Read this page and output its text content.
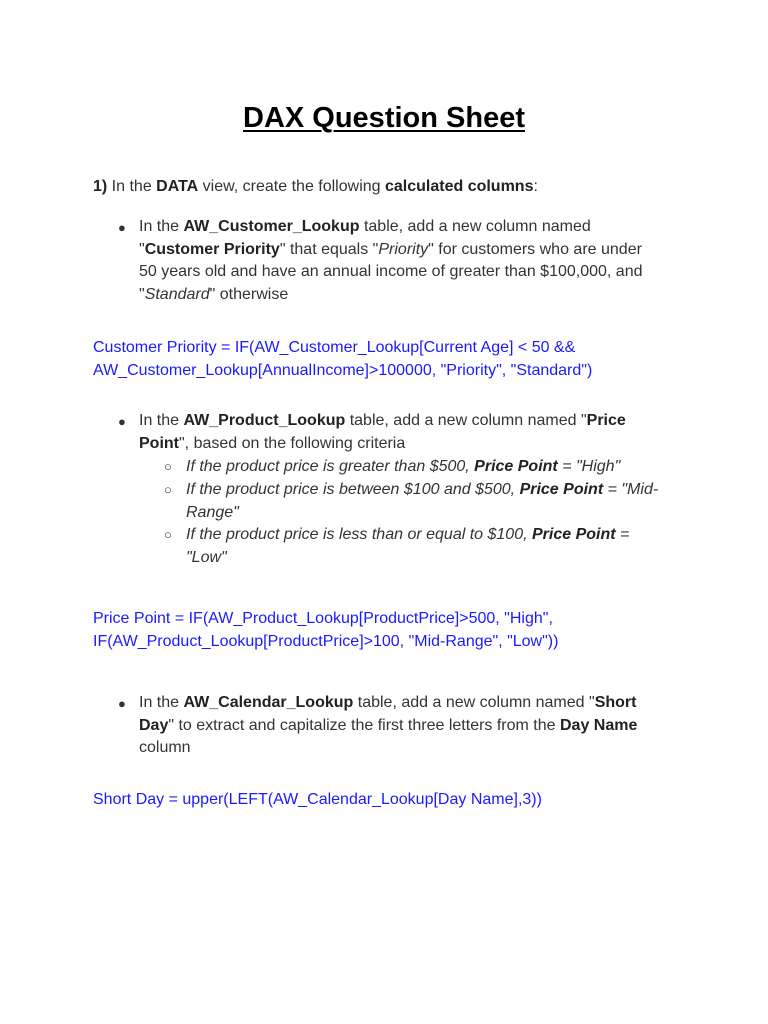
DAX Question Sheet

1) In the DATA view, create the following calculated columns:

● In the AW_Customer_Lookup table, add a new column named "Customer Priority" that equals "Priority" for customers who are under 50 years old and have an annual income of greater than $100,000, and "Standard" otherwise
Customer Priority = IF(AW_Customer_Lookup[Current Age] < 50 &&
AW_Customer_Lookup[AnnualIncome]>100000, "Priority", "Standard")
● In the AW_Product_Lookup table, add a new column named "Price Point", based on the following criteria
○ If the product price is greater than $500, Price Point = "High"
○ If the product price is between $100 and $500, Price Point = "Mid-Range"
○ If the product price is less than or equal to $100, Price Point = "Low"
Price Point = IF(AW_Product_Lookup[ProductPrice]>500, "High",
IF(AW_Product_Lookup[ProductPrice]>100, "Mid-Range", "Low"))
● In the AW_Calendar_Lookup table, add a new column named "Short Day" to extract and capitalize the first three letters from the Day Name column
Short Day = upper(LEFT(AW_Calendar_Lookup[Day Name],3))
